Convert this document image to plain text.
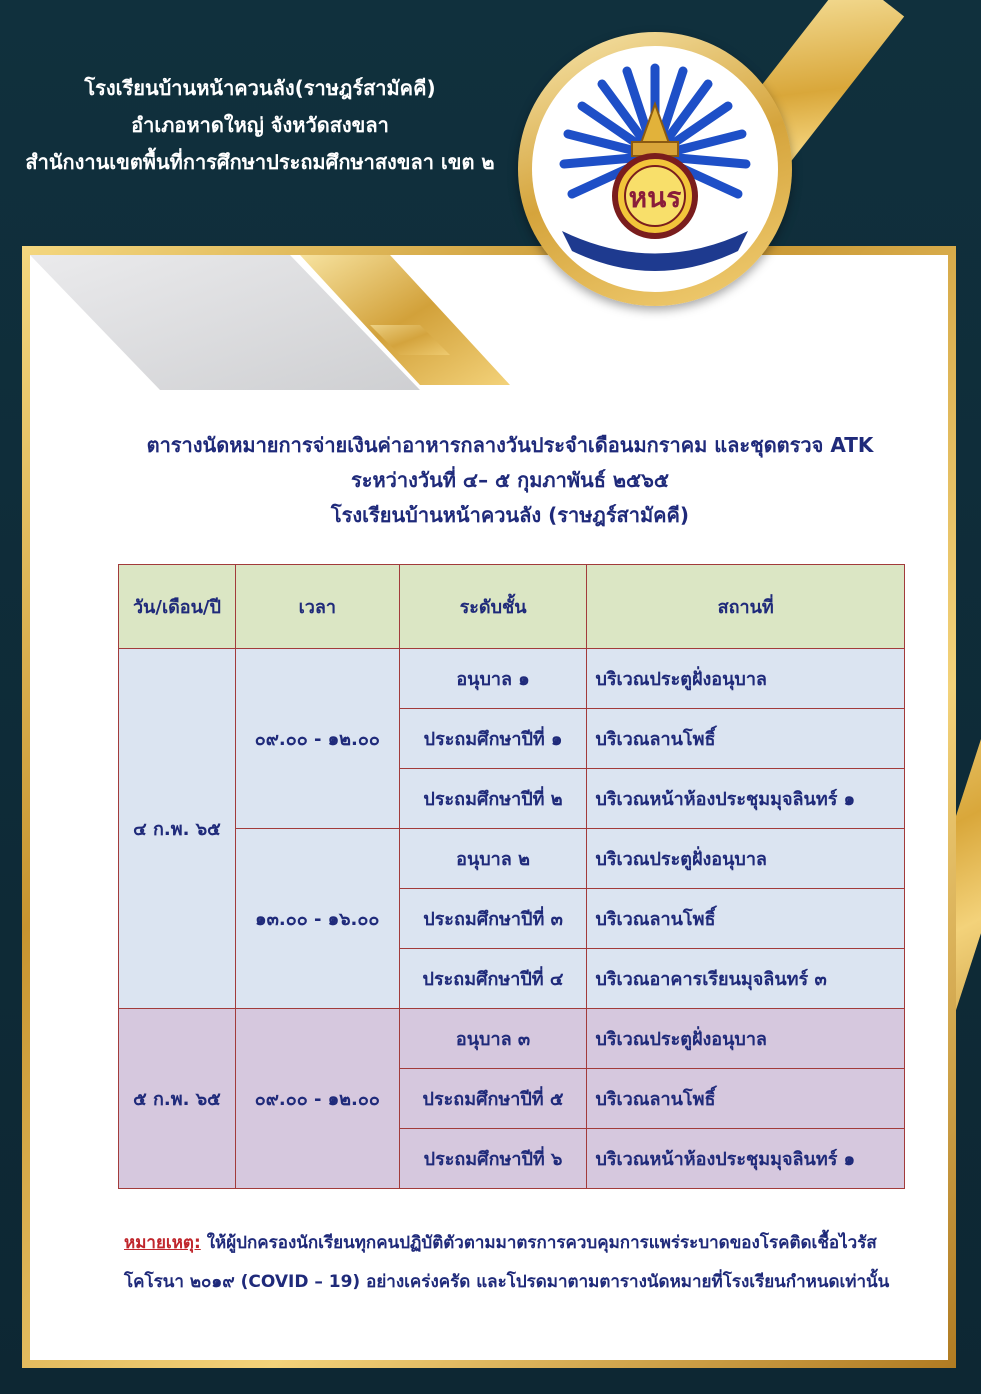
โรงเรียนบ้านหน้าควนลัง(ราษฎร์สามัคคี)
อำเภอหาดใหญ่ จังหวัดสงขลา
สำนักงานเขตพื้นที่การศึกษาประถมศึกษาสงขลา เขต ๒
หนร
ตารางนัดหมายการจ่ายเงินค่าอาหารกลางวันประจำเดือนมกราคม และชุดตรวจ ATK
ระหว่างวันที่ ๔– ๕ กุมภาพันธ์ ๒๕๖๕
โรงเรียนบ้านหน้าควนลัง (ราษฎร์สามัคคี)
วัน/เดือน/ปี	เวลา	ระดับชั้น	สถานที่
๔ ก.พ. ๖๕	๐๙.๐๐ - ๑๒.๐๐	อนุบาล ๑	บริเวณประตูฝั่งอนุบาล
		ประถมศึกษาปีที่ ๑	บริเวณลานโพธิ์
		ประถมศึกษาปีที่ ๒	บริเวณหน้าห้องประชุมมุจลินทร์ ๑
	๑๓.๐๐ - ๑๖.๐๐	อนุบาล ๒	บริเวณประตูฝั่งอนุบาล
		ประถมศึกษาปีที่ ๓	บริเวณลานโพธิ์
		ประถมศึกษาปีที่ ๔	บริเวณอาคารเรียนมุจลินทร์ ๓
๕ ก.พ. ๖๕	๐๙.๐๐ - ๑๒.๐๐	อนุบาล ๓	บริเวณประตูฝั่งอนุบาล
		ประถมศึกษาปีที่ ๕	บริเวณลานโพธิ์
		ประถมศึกษาปีที่ ๖	บริเวณหน้าห้องประชุมมุจลินทร์ ๑
หมายเหตุ: ให้ผู้ปกครองนักเรียนทุกคนปฏิบัติตัวตามมาตรการควบคุมการแพร่ระบาดของโรคติดเชื้อไวรัสโคโรนา ๒๐๑๙ (COVID – 19) อย่างเคร่งครัด และโปรดมาตามตารางนัดหมายที่โรงเรียนกำหนดเท่านั้น
